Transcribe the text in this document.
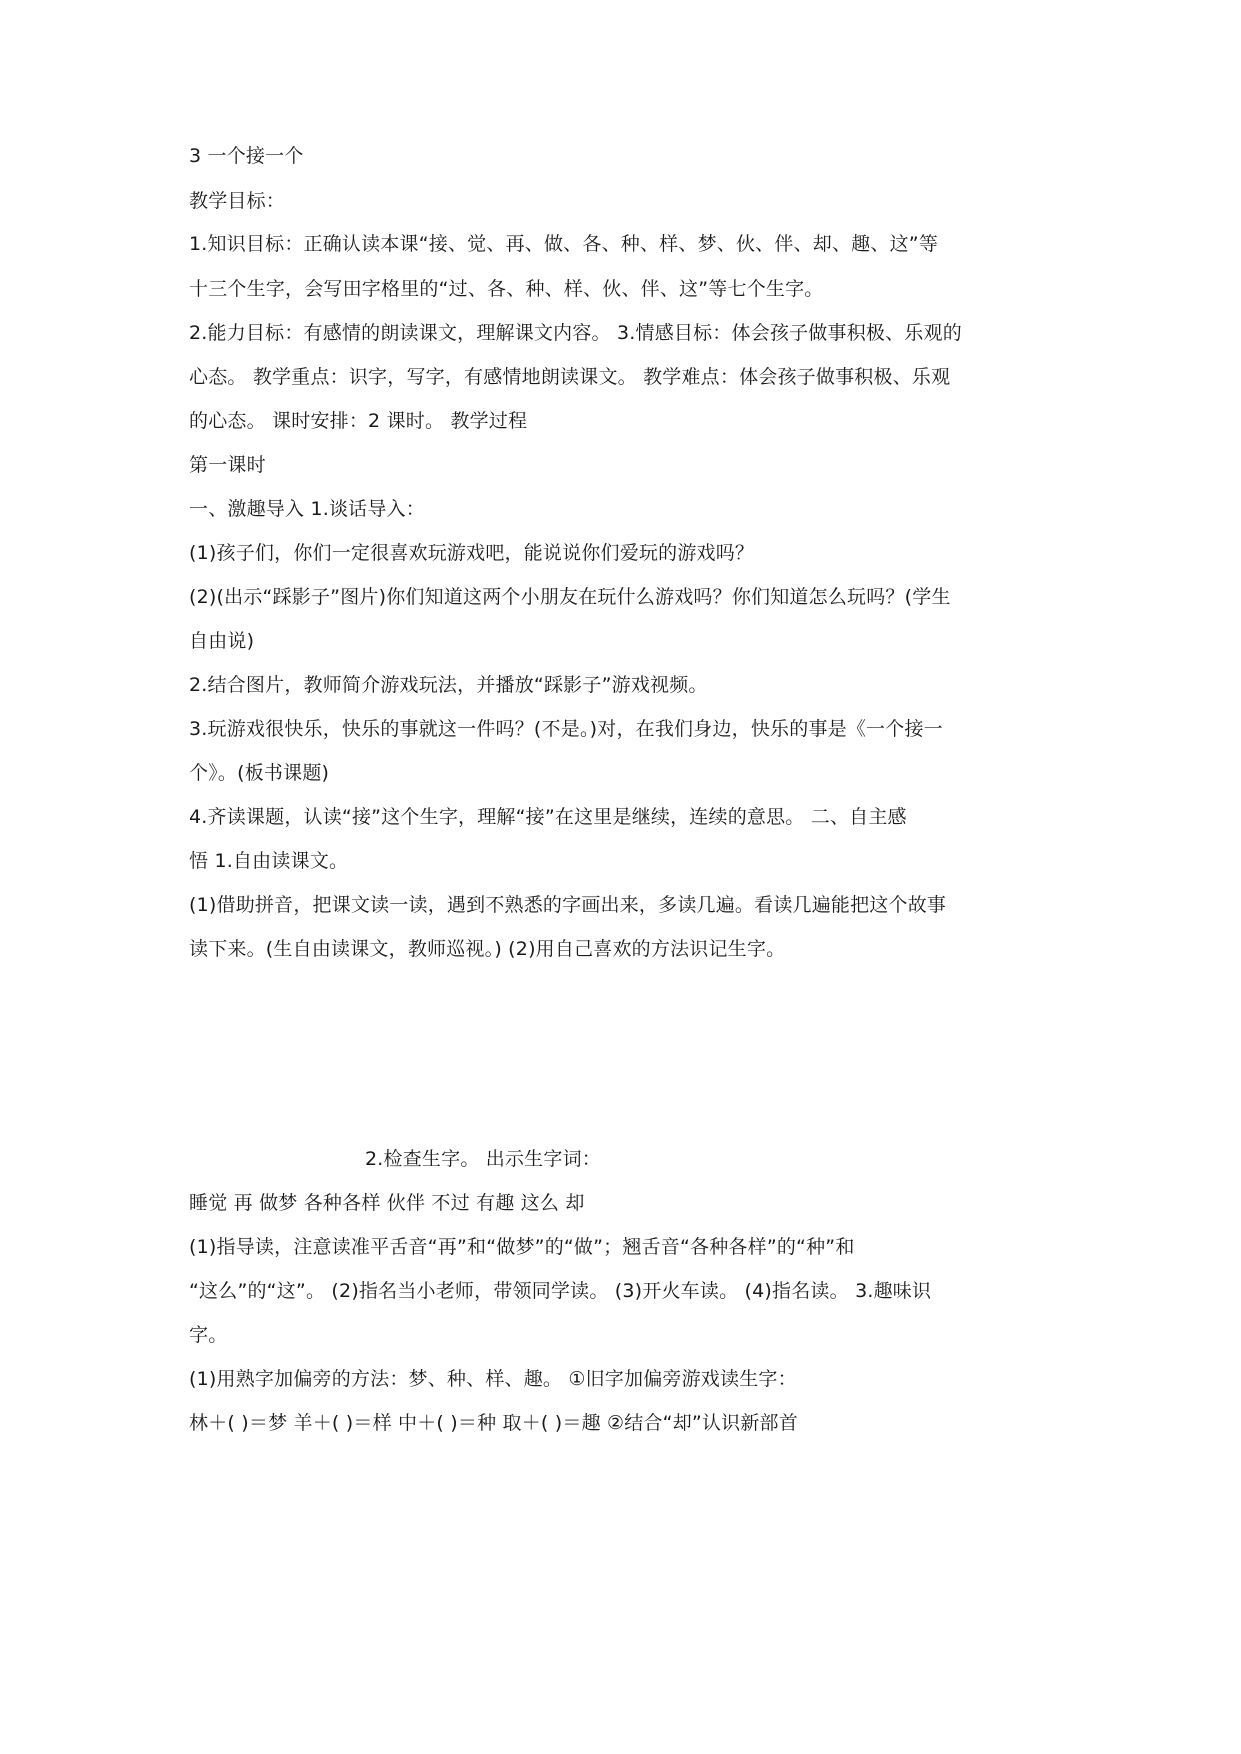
3 一个接一个
教学目标：
1.知识目标：正确认读本课“接、觉、再、做、各、种、样、梦、伙、伴、却、趣、这”等
十三个生字，会写田字格里的“过、各、种、样、伙、伴、这”等七个生字。
2.能力目标：有感情的朗读课文，理解课文内容。 3.情感目标：体会孩子做事积极、乐观的
心态。 教学重点：识字，写字，有感情地朗读课文。 教学难点：体会孩子做事积极、乐观
的心态。 课时安排：2 课时。 教学过程
第一课时
一、激趣导入 1.谈话导入：
(1)孩子们，你们一定很喜欢玩游戏吧，能说说你们爱玩的游戏吗？
(2)(出示“踩影子”图片)你们知道这两个小朋友在玩什么游戏吗？你们知道怎么玩吗？(学生
自由说)
2.结合图片，教师简介游戏玩法，并播放“踩影子”游戏视频。
3.玩游戏很快乐，快乐的事就这一件吗？(不是。)对，在我们身边，快乐的事是《一个接一
个》。(板书课题)
4.齐读课题，认读“接”这个生字，理解“接”在这里是继续，连续的意思。 二、自主感
悟 1.自由读课文。
(1)借助拼音，把课文读一读，遇到不熟悉的字画出来，多读几遍。看读几遍能把这个故事
读下来。(生自由读课文，教师巡视。) (2)用自己喜欢的方法识记生字。
2.检查生字。 出示生字词：
睡觉 再 做梦 各种各样 伙伴 不过 有趣 这么 却
(1)指导读，注意读准平舌音“再”和“做梦”的“做”；翘舌音“各种各样”的“种”和
“这么”的“这”。 (2)指名当小老师，带领同学读。 (3)开火车读。 (4)指名读。 3.趣味识
字。
(1)用熟字加偏旁的方法：梦、种、样、趣。 ①旧字加偏旁游戏读生字：
林＋( )＝梦 羊＋( )＝样 中＋( )＝种 取＋( )＝趣 ②结合“却”认识新部首
